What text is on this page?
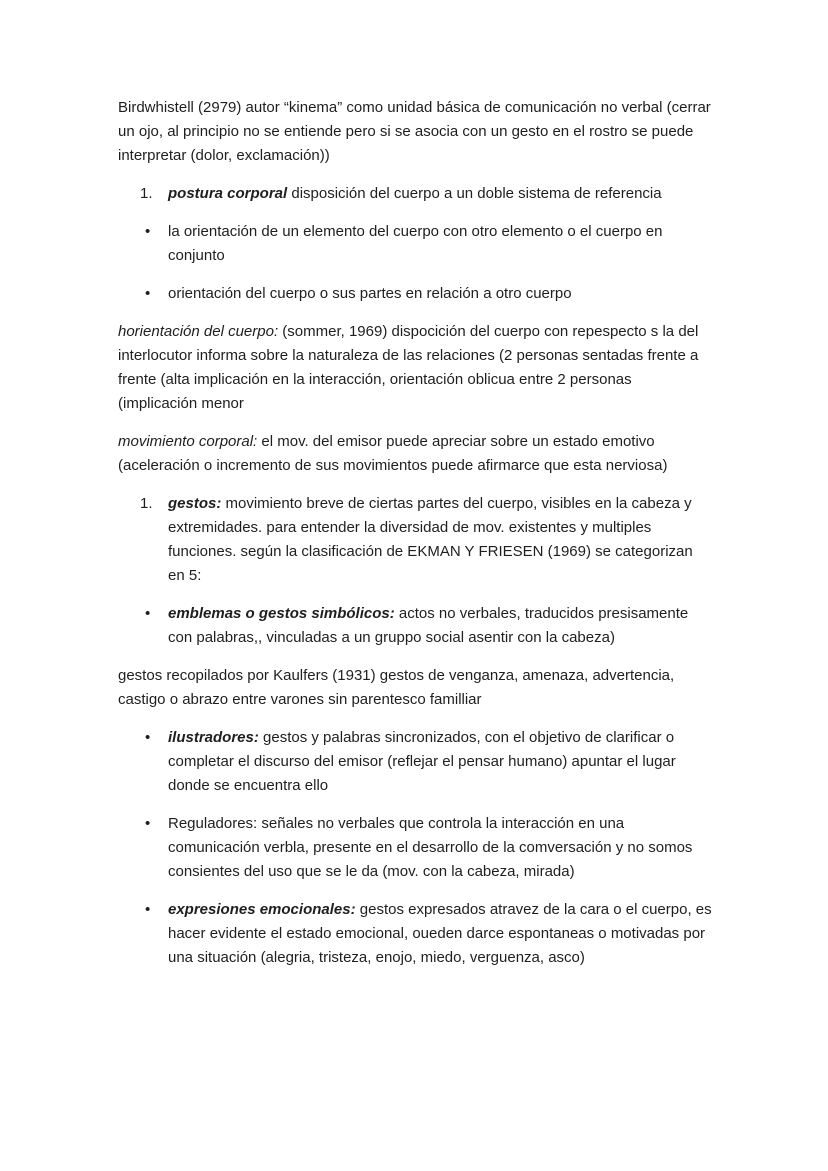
Birdwhistell (2979) autor “kinema” como unidad básica de comunicación no verbal (cerrar un ojo, al principio no se entiende pero si se asocia con un gesto en el rostro se puede interpretar (dolor, exclamación))

1.	postura corporal disposición del cuerpo a un doble sistema de referencia
•	la orientación de un elemento del cuerpo con otro elemento o el cuerpo en conjunto
•	orientación del cuerpo o sus partes en relación a otro cuerpo

horientación del cuerpo: (sommer, 1969) dispocición del cuerpo con repespecto s la del interlocutor informa sobre la naturaleza de las relaciones (2 personas sentadas frente a frente (alta implicación en la interacción, orientación oblicua entre 2 personas (implicación menor

movimiento corporal: el mov. del emisor puede apreciar sobre un estado emotivo (aceleración o incremento de sus movimientos puede afirmarce que esta nerviosa)

1.	gestos: movimiento breve de ciertas partes del cuerpo, visibles en la cabeza y extremidades. para entender la diversidad de mov. existentes y multiples funciones. según la clasificación de EKMAN Y FRIESEN (1969) se categorizan en 5:
•	emblemas o gestos simbólicos: actos no verbales, traducidos presisamente con palabras,, vinculadas a un gruppo social asentir con la cabeza)

gestos recopilados por Kaulfers (1931) gestos de venganza, amenaza, advertencia, castigo o abrazo entre varones sin parentesco familliar

•	ilustradores: gestos y palabras sincronizados, con el objetivo de clarificar o completar el discurso del emisor (reflejar el pensar humano) apuntar el lugar donde se encuentra ello
•	Reguladores: señales no verbales que controla la interacción en una comunicación verbla, presente en el desarrollo de la comversación y no somos consientes del uso que se le da (mov. con la cabeza, mirada)
•	expresiones emocionales: gestos expresados atravez de la cara o el cuerpo, es hacer evidente el estado emocional, oueden darce espontaneas o motivadas por una situación (alegria, tristeza, enojo, miedo, verguenza, asco)
